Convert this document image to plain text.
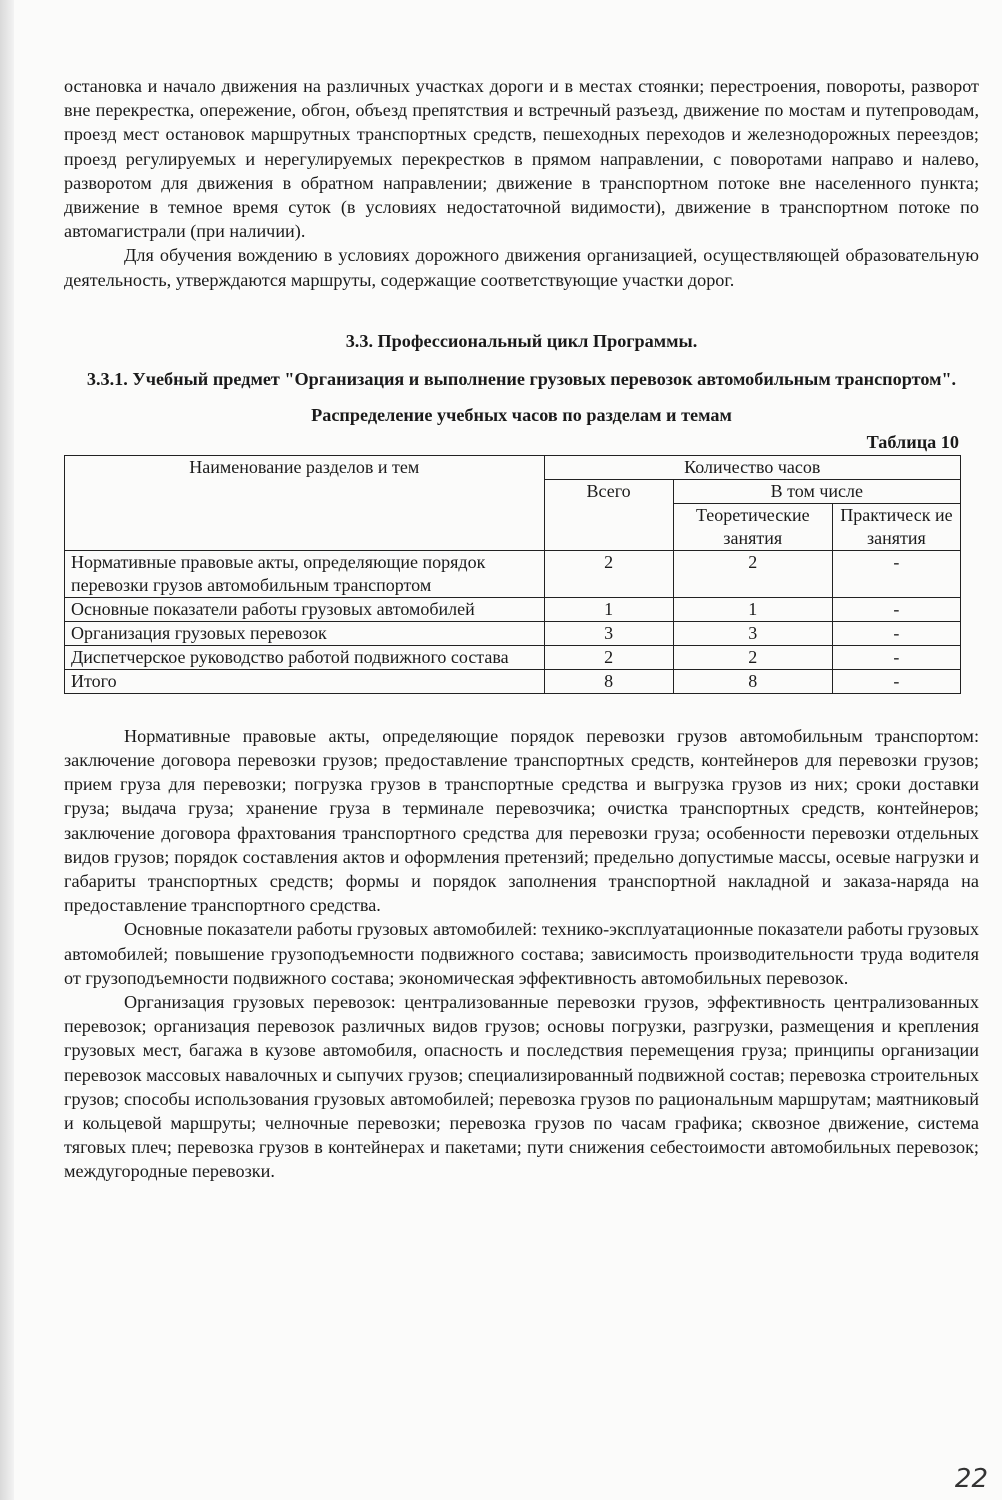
остановка и начало движения на различных участках дороги и в местах стоянки; перестроения, повороты, разворот вне перекрестка, опережение, обгон, объезд препятствия и встречный разъезд, движение по мостам и путепроводам, проезд мест остановок маршрутных транспортных средств, пешеходных переходов и железнодорожных переездов; проезд регулируемых и нерегулируемых перекрестков в прямом направлении, с поворотами направо и налево, разворотом для движения в обратном направлении; движение в транспортном потоке вне населенного пункта; движение в темное время суток (в условиях недостаточной видимости), движение в транспортном потоке по автомагистрали (при наличии).

Для обучения вождению в условиях дорожного движения организацией, осуществляющей образовательную деятельность, утверждаются маршруты, содержащие соответствующие участки дорог.

3.3. Профессиональный цикл Программы.
3.3.1. Учебный предмет "Организация и выполнение грузовых перевозок автомобильным транспортом".
Распределение учебных часов по разделам и темам
Таблица 10
Наименование разделов и тем	Количество часов		
	Всего	В том числе	
		Теоретические занятия	Практическ ие занятия
Нормативные правовые акты, определяющие порядок перевозки грузов автомобильным транспортом	2	2	-
Основные показатели работы грузовых автомобилей	1	1	-
Организация грузовых перевозок	3	3	-
Диспетчерское руководство работой подвижного состава	2	2	-
Итого	8	8	-

Нормативные правовые акты, определяющие порядок перевозки грузов автомобильным транспортом: заключение договора перевозки грузов; предоставление транспортных средств, контейнеров для перевозки грузов; прием груза для перевозки; погрузка грузов в транспортные средства и выгрузка грузов из них; сроки доставки груза; выдача груза; хранение груза в терминале перевозчика; очистка транспортных средств, контейнеров; заключение договора фрахтования транспортного средства для перевозки груза; особенности перевозки отдельных видов грузов; порядок составления актов и оформления претензий; предельно допустимые массы, осевые нагрузки и габариты транспортных средств; формы и порядок заполнения транспортной накладной и заказа-наряда на предоставление транспортного средства.

Основные показатели работы грузовых автомобилей: технико-эксплуатационные показатели работы грузовых автомобилей; повышение грузоподъемности подвижного состава; зависимость производительности труда водителя от грузоподъемности подвижного состава; экономическая эффективность автомобильных перевозок.

Организация грузовых перевозок: централизованные перевозки грузов, эффективность централизованных перевозок; организация перевозок различных видов грузов; основы погрузки, разгрузки, размещения и крепления грузовых мест, багажа в кузове автомобиля, опасность и последствия перемещения груза; принципы организации перевозок массовых навалочных и сыпучих грузов; специализированный подвижной состав; перевозка строительных грузов; способы использования грузовых автомобилей; перевозка грузов по рациональным маршрутам; маятниковый и кольцевой маршруты; челночные перевозки; перевозка грузов по часам графика; сквозное движение, система тяговых плеч; перевозка грузов в контейнерах и пакетами; пути снижения себестоимости автомобильных перевозок; междугородные перевозки.

22
